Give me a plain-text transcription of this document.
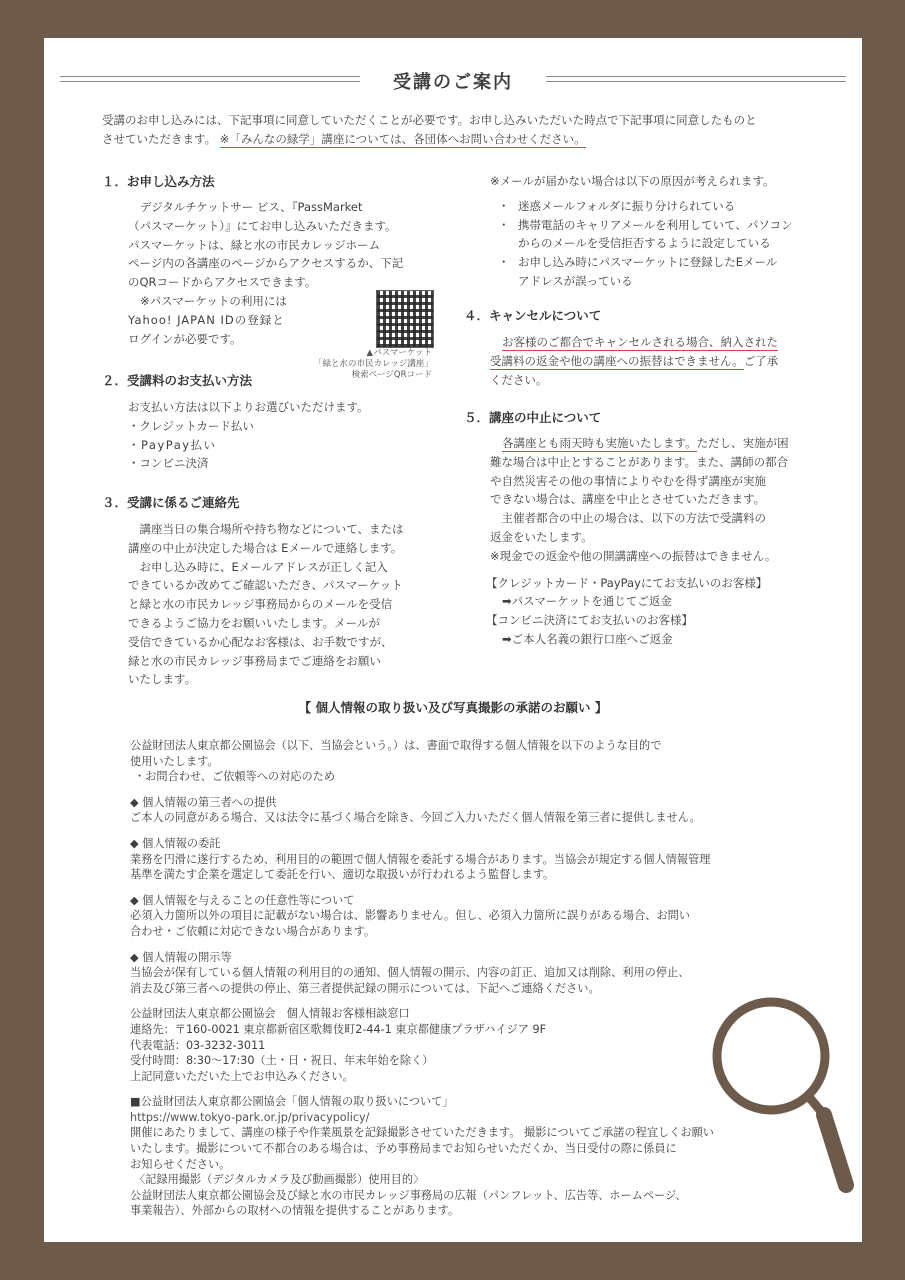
受講のご案内
受講のお申し込みには、下記事項に同意していただくことが必要です。お申し込みいただいた時点で下記事項に同意したものと
させていただきます。 ※「みんなの緑学」講座については、各団体へお問い合わせください。
１．お申し込み方法
デジタルチケットサー ビス、『PassMarket
（パスマーケット）』にてお申し込みいただきます。
パスマーケットは、緑と水の市民カレッジホーム
ページ内の各講座のページからアクセスするか、下記
のQRコードからアクセスできます。
※パスマーケットの利用には
Yahoo! JAPAN IDの登録と
ログインが必要です。
▲パスマーケット
「緑と水の市民カレッジ講座」
検索ページQRコード
２．受講料のお支払い方法
お支払い方法は以下よりお選びいただけます。
・クレジットカード払い
・PayPay払い
・コンビニ決済
３．受講に係るご連絡先
　講座当日の集合場所や持ち物などについて、または
講座の中止が決定した場合は Eメールで連絡します。
　お申し込み時に、Eメールアドレスが正しく記入
できているか改めてご確認いただき、パスマーケット
と緑と水の市民カレッジ事務局からのメールを受信
できるようご協力をお願いいたします。メールが
受信できているか心配なお客様は、お手数ですが、
緑と水の市民カレッジ事務局までご連絡をお願い
いたします。
※メールが届かない場合は以下の原因が考えられます。
・ 迷惑メールフォルダに振り分けられている
・ 携帯電話のキャリアメールを利用していて、パソコン
からのメールを受信拒否するように設定している
・ お申し込み時にパスマーケットに登録したEメール
アドレスが誤っている
４．キャンセルについて
お客様のご都合でキャンセルされる場合、納入された
受講料の返金や他の講座への振替はできません。ご了承
ください。
５．講座の中止について
各講座とも雨天時も実施いたします。ただし、実施が困
難な場合は中止とすることがあります。また、講師の都合
や自然災害その他の事情によりやむを得ず講座が実施
できない場合は、講座を中止とさせていただきます。
　主催者都合の中止の場合は、以下の方法で受講料の
返金をいたします。
※現金での返金や他の開講講座への振替はできません。
【クレジットカード・PayPayにてお支払いのお客様】
➡パスマーケットを通じてご返金
【コンビニ決済にてお支払いのお客様】
➡ご本人名義の銀行口座へご返金
【 個人情報の取り扱い及び写真撮影の承諾のお願い 】
公益財団法人東京都公園協会（以下、当協会という。）は、書面で取得する個人情報を以下のような目的で
使用いたします。
・お問合わせ、ご依頼等への対応のため
◆ 個人情報の第三者への提供
ご本人の同意がある場合、又は法令に基づく場合を除き、今回ご入力いただく個人情報を第三者に提供しません。
◆ 個人情報の委託
業務を円滑に遂行するため、利用目的の範囲で個人情報を委託する場合があります。当協会が規定する個人情報管理
基準を満たす企業を選定して委託を行い、適切な取扱いが行われるよう監督します。
◆ 個人情報を与えることの任意性等について
必須入力箇所以外の項目に記載がない場合は、影響ありません。但し、必須入力箇所に誤りがある場合、お問い
合わせ・ご依頼に対応できない場合があります。
◆ 個人情報の開示等
当協会が保有している個人情報の利用目的の通知、個人情報の開示、内容の訂正、追加又は削除、利用の停止、
消去及び第三者への提供の停止、第三者提供記録の開示については、下記へご連絡ください。
公益財団法人東京都公園協会　個人情報お客様相談窓口
連絡先：〒160-0021 東京都新宿区歌舞伎町2-44-1 東京都健康プラザハイジア 9F
代表電話：03-3232-3011
受付時間：8:30～17:30（土・日・祝日、年末年始を除く）
上記同意いただいた上でお申込みください。
■公益財団法人東京都公園協会「個人情報の取り扱いについて」
https://www.tokyo-park.or.jp/privacypolicy/
開催にあたりまして、講座の様子や作業風景を記録撮影させていただきます。 撮影についてご承諾の程宜しくお願い
いたします。撮影について不都合のある場合は、予め事務局までお知らせいただくか、当日受付の際に係員に
お知らせください。
〈記録用撮影（デジタルカメラ及び動画撮影）使用目的〉
公益財団法人東京都公園協会及び緑と水の市民カレッジ事務局の広報（パンフレット、広告等、ホームページ、
事業報告）、外部からの取材への情報を提供することがあります。
